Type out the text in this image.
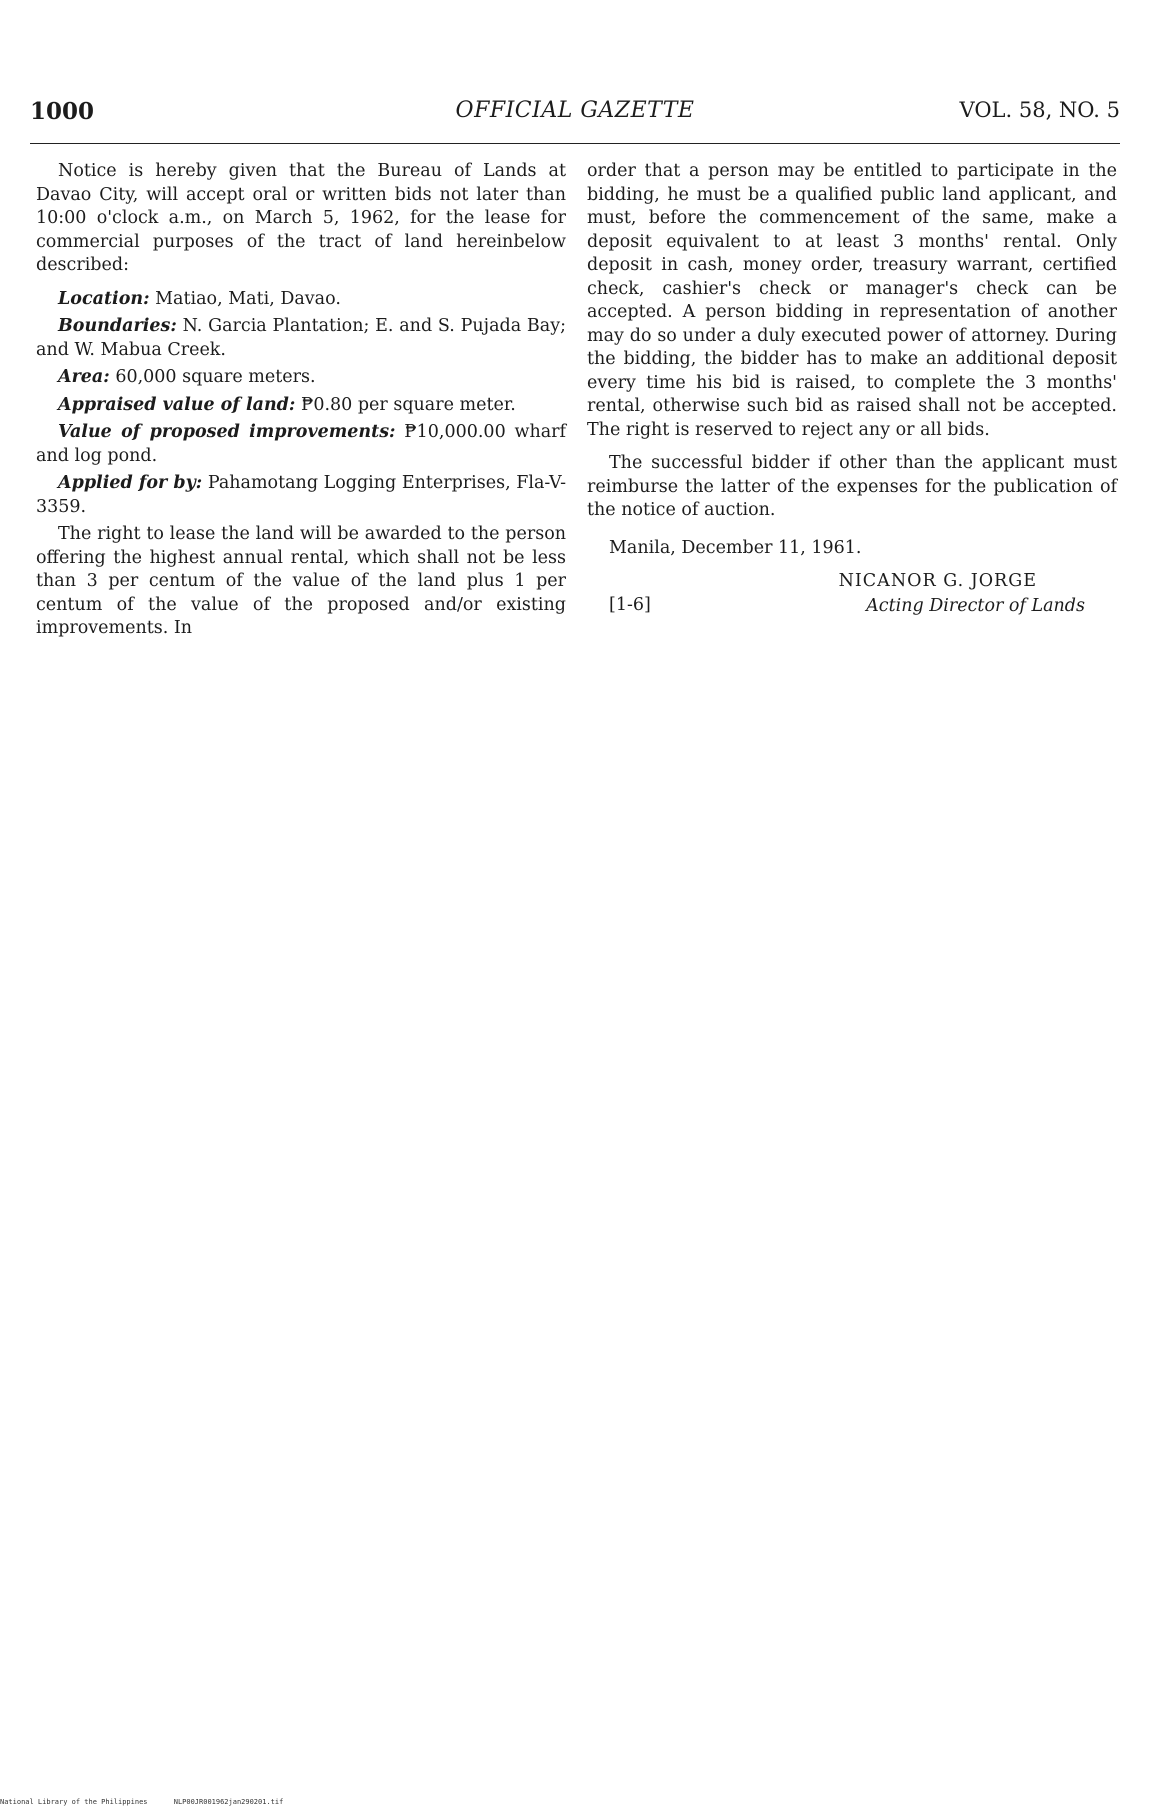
1000	OFFICIAL GAZETTE	VOL. 58, NO. 5

Notice is hereby given that the Bureau of Lands at Davao City, will accept oral or written bids not later than 10:00 o'clock a.m., on March 5, 1962, for the lease for commercial purposes of the tract of land hereinbelow described:

Location: Matiao, Mati, Davao.

Boundaries: N. Garcia Plantation; E. and S. Pujada Bay; and W. Mabua Creek.

Area: 60,000 square meters.

Appraised value of land: ₱0.80 per square meter.

Value of proposed improvements: ₱10,000.00 wharf and log pond.

Applied for by: Pahamotang Logging Enterprises, Fla-V-3359.

The right to lease the land will be awarded to the person offering the highest annual rental, which shall not be less than 3 per centum of the value of the land plus 1 per centum of the value of the proposed and/or existing improvements. In

order that a person may be entitled to participate in the bidding, he must be a qualified public land applicant, and must, before the commencement of the same, make a deposit equivalent to at least 3 months' rental. Only deposit in cash, money order, treasury warrant, certified check, cashier's check or manager's check can be accepted. A person bidding in representation of another may do so under a duly executed power of attorney. During the bidding, the bidder has to make an additional deposit every time his bid is raised, to complete the 3 months' rental, otherwise such bid as raised shall not be accepted. The right is reserved to reject any or all bids.

The successful bidder if other than the applicant must reimburse the latter of the expenses for the publication of the notice of auction.

Manila, December 11, 1961.

[1-6]
NICANOR G. JORGE
Acting Director of Lands
National Library of the Philippines	NLP00JR001962jan290201.tif
